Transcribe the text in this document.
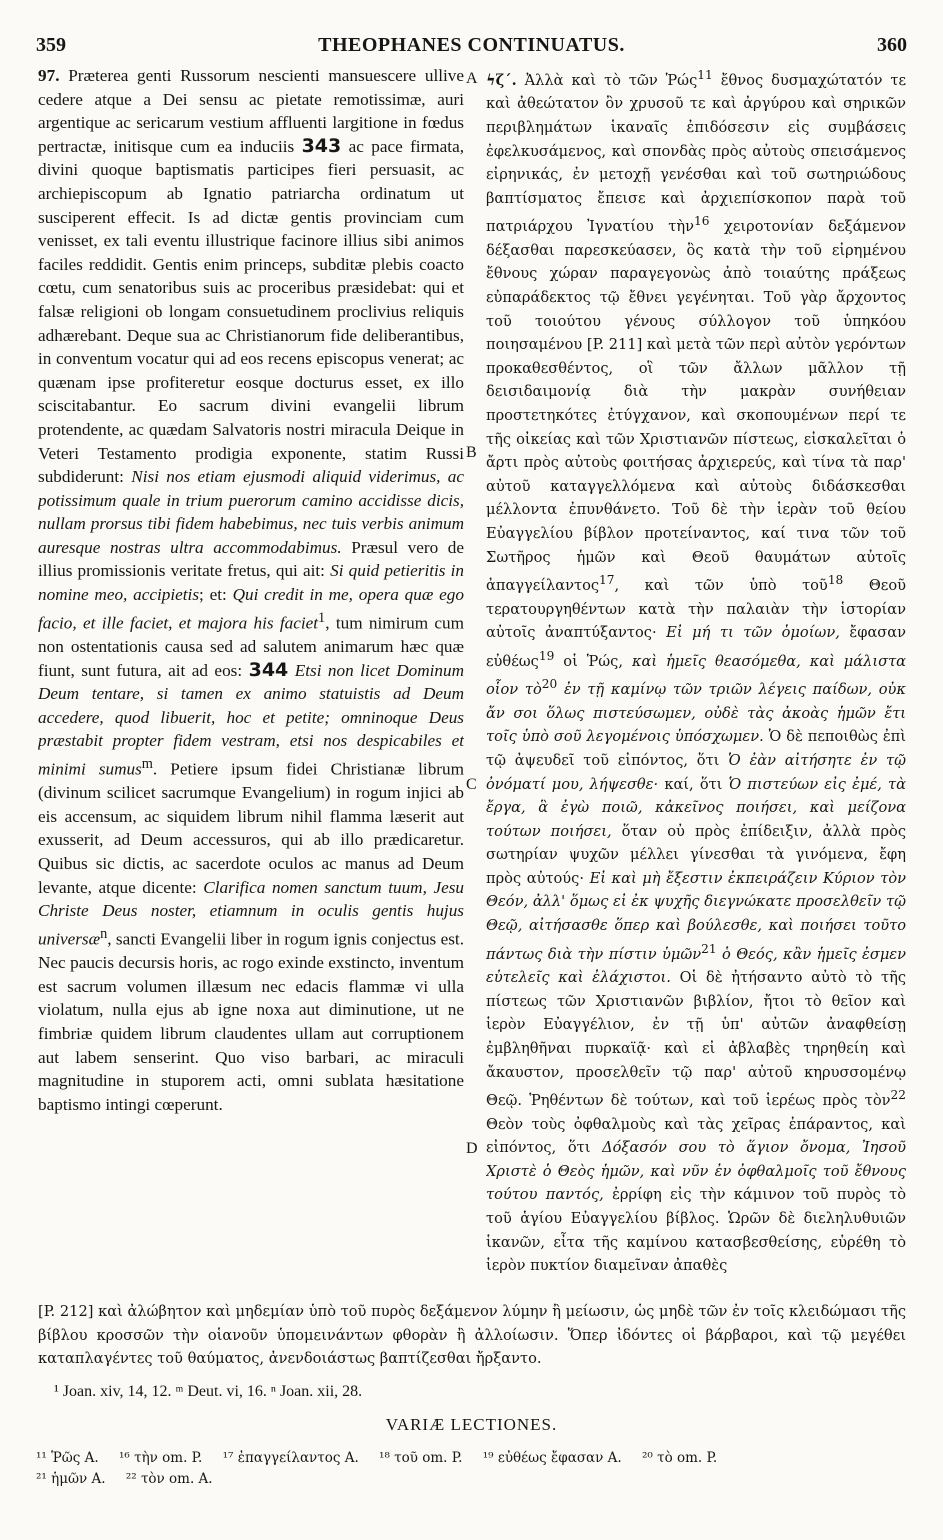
359	THEOPHANES CONTINUATUS.	360

97. Præterea genti Russorum nescienti mansuescere ullive cedere atque a Dei sensu ac pietate remotissimæ, auri argentique ac sericarum vestium affluenti largitione in fœdus pertractæ, initisque cum ea induciis 343 ac pace firmata, divini quoque baptismatis participes fieri persuasit, ac archiepiscopum ab Ignatio patriarcha ordinatum ut susciperent effecit. Is ad dictæ gentis provinciam cum venisset, ex tali eventu illustrique facinore illius sibi animos faciles reddidit. Gentis enim princeps, subditæ plebis coacto cœtu, cum senatoribus suis ac proceribus præsidebat: qui et falsæ religioni ob longam consuetudinem proclivius reliquis adhærebant. Deque sua ac Christianorum fide deliberantibus, in conventum vocatur qui ad eos recens episcopus venerat; ac quænam ipse profiteretur eosque docturus esset, ex illo sciscitabantur. Eo sacrum divini evangelii librum protendente, ac quædam Salvatoris nostri miracula Deique in Veteri Testamento prodigia exponente, statim Russi subdiderunt: Nisi nos etiam ejusmodi aliquid viderimus, ac potissimum quale in trium puerorum camino accidisse dicis, nullam prorsus tibi fidem habebimus, nec tuis verbis animum auresque nostras ultra accommodabimus. Præsul vero de illius promissionis veritate fretus, qui ait: Si quid petieritis in nomine meo, accipietis; et: Qui credit in me, opera quæ ego facio, et ille faciet, et majora his faciet$^1$, tum nimirum cum non ostentationis causa sed ad salutem animarum hæc quæ fiunt, sunt futura, ait ad eos: 344 Etsi non licet Dominum Deum tentare, si tamen ex animo statuistis ad Deum accedere, quod libuerit, hoc et petite; omninoque Deus præstabit propter fidem vestram, etsi nos despicabiles et minimi sumus$^m$. Petiere ipsum fidei Christianæ librum (divinum scilicet sacrumque Evangelium) in rogum injici ab eis accensum, ac siquidem librum nihil flamma læserit aut exusserit, ad Deum accessuros, qui ab illo prædicaretur. Quibus sic dictis, ac sacerdote oculos ac manus ad Deum levante, atque dicente: Clarifica nomen sanctum tuum, Jesu Christe Deus noster, etiamnum in oculis gentis hujus universæ$^n$, sancti Evangelii liber in rogum ignis conjectus est. Nec paucis decursis horis, ac rogo exinde exstincto, inventum est sacrum volumen illæsum nec edacis flammæ vi ulla violatum, nulla ejus ab igne noxa aut diminutione, ut ne fimbriæ quidem librum claudentes ullam aut corruptionem aut labem senserint. Quo viso barbari, ac miraculi magnitudine in stuporem acti, omni sublata hæsitatione baptismo intingi cœperunt.

A
B
C
D

ϟζ΄. Ἀλλὰ καὶ τὸ τῶν Ῥώς$^{11}$ ἔθνος δυσμαχώτατόν τε καὶ ἀθεώτατον ὂν χρυσοῦ τε καὶ ἀργύρου καὶ σηρικῶν περιβλημάτων ἱκαναῖς ἐπιδόσεσιν εἰς συμβάσεις ἐφελκυσάμενος, καὶ σπονδὰς πρὸς αὐτοὺς σπεισάμενος εἰρηνικάς, ἐν μετοχῇ γενέσθαι καὶ τοῦ σωτηριώδους βαπτίσματος ἔπεισε καὶ ἀρχιεπίσκοπον παρὰ τοῦ πατριάρχου Ἰγνατίου τὴν$^{16}$ χειροτονίαν δεξάμενον δέξασθαι παρεσκεύασεν, ὃς κατὰ τὴν τοῦ εἰρημένου ἔθνους χώραν παραγεγονὼς ἀπὸ τοιαύτης πράξεως εὐπαράδεκτος τῷ ἔθνει γεγένηται. Τοῦ γὰρ ἄρχοντος τοῦ τοιούτου γένους σύλλογον τοῦ ὑπηκόου ποιησαμένου [P. 211] καὶ μετὰ τῶν περὶ αὐτὸν γερόντων προκαθεσθέντος, οἳ τῶν ἄλλων μᾶλλον τῇ δεισιδαιμονίᾳ διὰ τὴν μακρὰν συνήθειαν προστετηκότες ἐτύγχανον, καὶ σκοπουμένων περί τε τῆς οἰκείας καὶ τῶν Χριστιανῶν πίστεως, εἰσκαλεῖται ὁ ἄρτι πρὸς αὐτοὺς φοιτήσας ἀρχιερεύς, καὶ τίνα τὰ παρ' αὐτοῦ καταγγελλόμενα καὶ αὐτοὺς διδάσκεσθαι μέλλοντα ἐπυνθάνετο. Τοῦ δὲ τὴν ἱερὰν τοῦ θείου Εὐαγγελίου βίβλον προτείναντος, καί τινα τῶν τοῦ Σωτῆρος ἡμῶν καὶ Θεοῦ θαυμάτων αὐτοῖς ἀπαγγείλαντος$^{17}$, καὶ τῶν ὑπὸ τοῦ$^{18}$ Θεοῦ τερατουργηθέντων κατὰ τὴν παλαιὰν τὴν ἱστορίαν αὐτοῖς ἀναπτύξαντος· Εἰ μή τι τῶν ὁμοίων, ἔφασαν εὐθέως$^{19}$ οἱ Ῥώς, καὶ ἡμεῖς θεασόμεθα, καὶ μάλιστα οἷον τὸ$^{20}$ ἐν τῇ καμίνῳ τῶν τριῶν λέγεις παίδων, οὐκ ἄν σοι ὅλως πιστεύσωμεν, οὐδὲ τὰς ἀκοὰς ἡμῶν ἔτι τοῖς ὑπὸ σοῦ λεγομένοις ὑπόσχωμεν. Ὁ δὲ πεποιθὼς ἐπὶ τῷ ἀψευδεῖ τοῦ εἰπόντος, ὅτι Ὁ ἐὰν αἰτήσητε ἐν τῷ ὀνόματί μου, λήψεσθε· καί, ὅτι Ὁ πιστεύων εἰς ἐμέ, τὰ ἔργα, ἃ ἐγὼ ποιῶ, κἀκεῖνος ποιήσει, καὶ μείζονα τούτων ποιήσει, ὅταν οὐ πρὸς ἐπίδειξιν, ἀλλὰ πρὸς σωτηρίαν ψυχῶν μέλλει γίνεσθαι τὰ γινόμενα, ἔφη πρὸς αὐτούς· Εἰ καὶ μὴ ἔξεστιν ἐκπειράζειν Κύριον τὸν Θεόν, ἀλλ' ὅμως εἰ ἐκ ψυχῆς διεγνώκατε προσελθεῖν τῷ Θεῷ, αἰτήσασθε ὅπερ καὶ βούλεσθε, καὶ ποιήσει τοῦτο πάντως διὰ τὴν πίστιν ὑμῶν$^{21}$ ὁ Θεός, κἂν ἡμεῖς ἐσμεν εὐτελεῖς καὶ ἐλάχιστοι. Οἱ δὲ ἠτήσαντο αὐτὸ τὸ τῆς πίστεως τῶν Χριστιανῶν βιβλίον, ἤτοι τὸ θεῖον καὶ ἱερὸν Εὐαγγέλιον, ἐν τῇ ὑπ' αὐτῶν ἀναφθείσῃ ἐμβληθῆναι πυρκαϊᾷ· καὶ εἰ ἀβλαβὲς τηρηθείη καὶ ἄκαυστον, προσελθεῖν τῷ παρ' αὐτοῦ κηρυσσομένῳ Θεῷ. Ῥηθέντων δὲ τούτων, καὶ τοῦ ἱερέως πρὸς τὸν$^{22}$ Θεὸν τοὺς ὀφθαλμοὺς καὶ τὰς χεῖρας ἐπάραντος, καὶ εἰπόντος, ὅτι Δόξασόν σου τὸ ἅγιον ὄνομα, Ἰησοῦ Χριστὲ ὁ Θεὸς ἡμῶν, καὶ νῦν ἐν ὀφθαλμοῖς τοῦ ἔθνους τούτου παντός, ἐρρίφη εἰς τὴν κάμινον τοῦ πυρὸς τὸ τοῦ ἁγίου Εὐαγγελίου βίβλος. Ὡρῶν δὲ διεληλυθυιῶν ἱκανῶν, εἶτα τῆς καμίνου κατασβεσθείσης, εὑρέθη τὸ ἱερὸν πυκτίον διαμεῖναν ἀπαθὲς

[P. 212] καὶ ἀλώβητον καὶ μηδεμίαν ὑπὸ τοῦ πυρὸς δεξάμενον λύμην ἢ μείωσιν, ὡς μηδὲ τῶν ἐν τοῖς κλειδώμασι τῆς βίβλου κροσσῶν τὴν οἱανοῦν ὑπομεινάντων φθορὰν ἢ ἀλλοίωσιν. Ὅπερ ἰδόντες οἱ βάρβαροι, καὶ τῷ μεγέθει καταπλαγέντες τοῦ θαύματος, ἀνενδοιάστως βαπτίζεσθαι ἤρξαντο.
¹ Joan. xiv, 14, 12. ᵐ Deut. vi, 16. ⁿ Joan. xii, 28.
VARIÆ LECTIONES.
¹¹ Ῥῶς A. ¹⁶ τὴν om. P. ¹⁷ ἐπαγγείλαντος A. ¹⁸ τοῦ om. P. ¹⁹ εὐθέως ἔφασαν A. ²⁰ τὸ om. P.
²¹ ἡμῶν A. ²² τὸν om. A.
